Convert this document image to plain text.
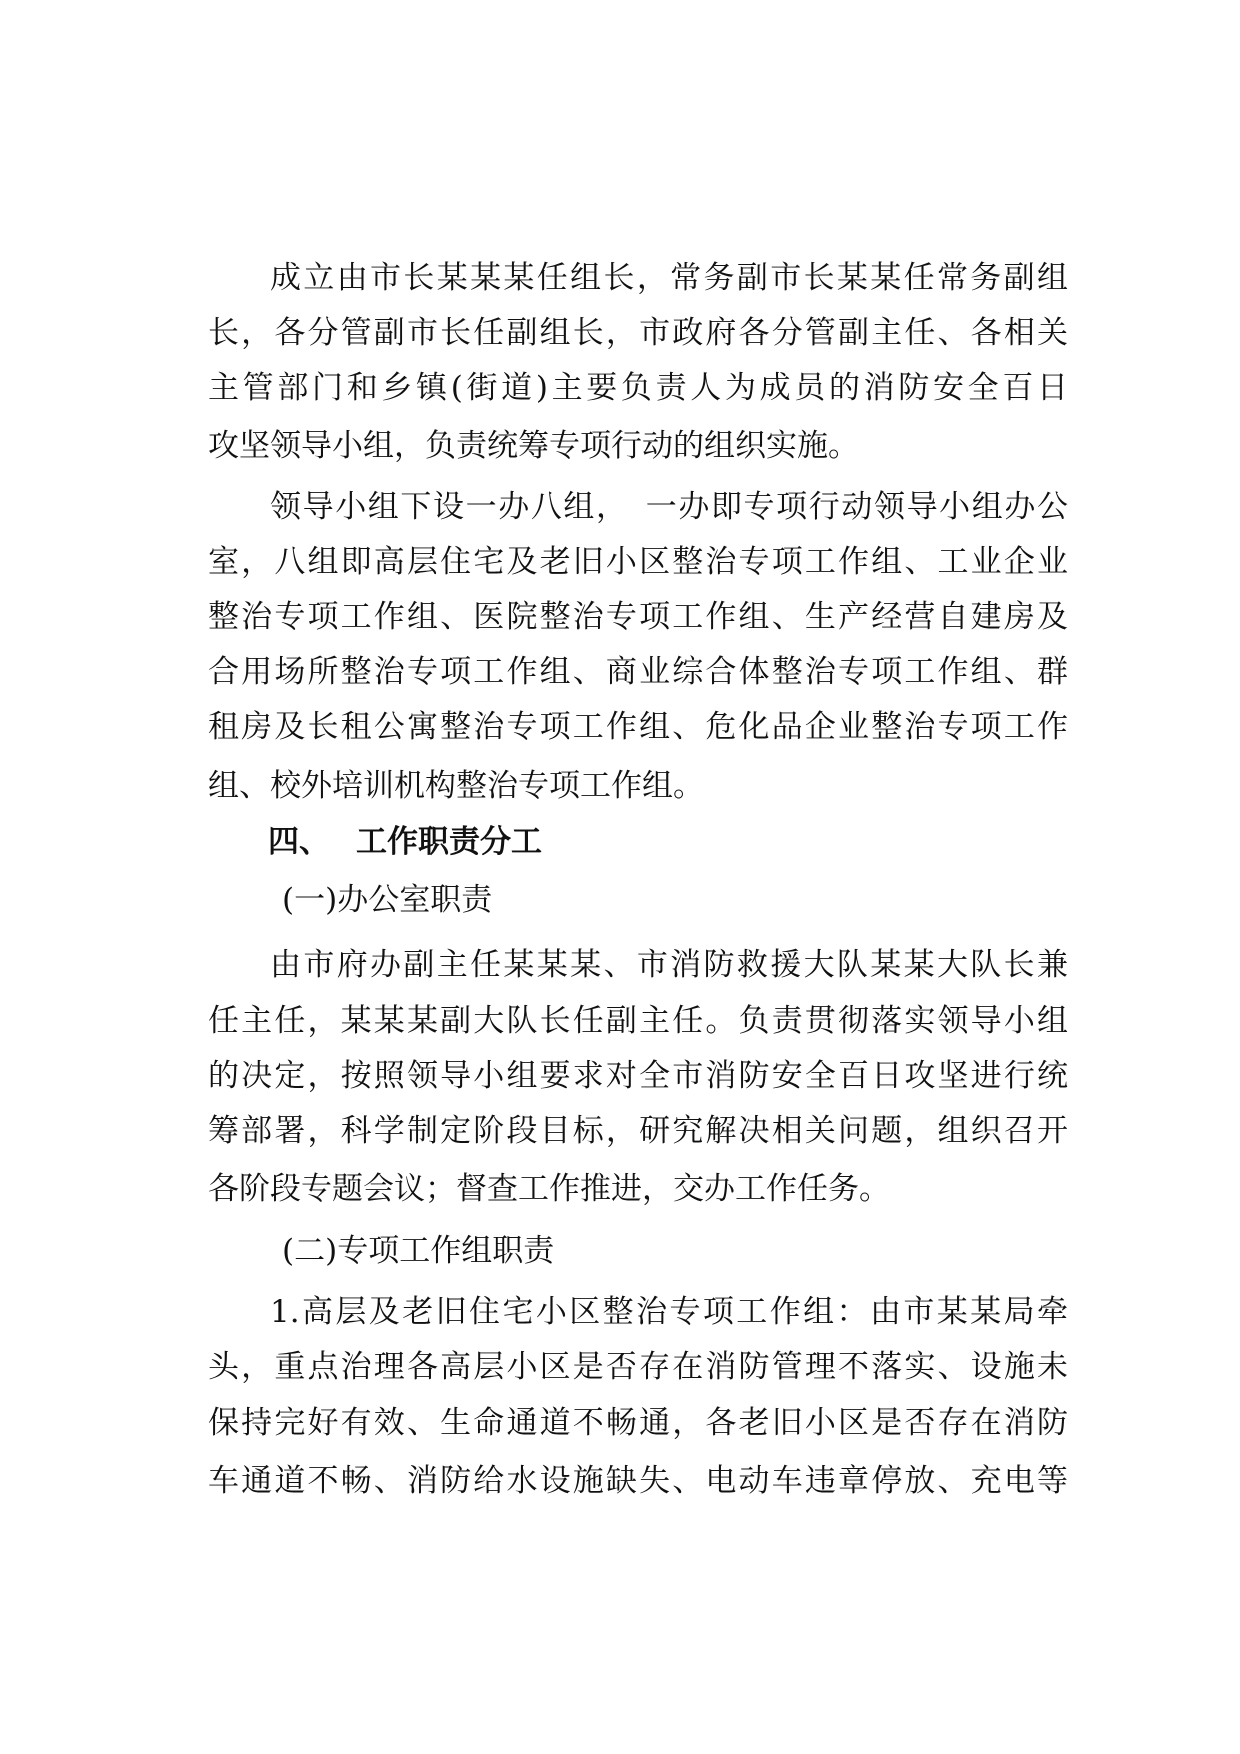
成立由市长某某某任组长，常务副市长某某任常务副组
长，各分管副市长任副组长，市政府各分管副主任、各相关
主管部门和乡镇(街道)主要负责人为成员的消防安全百日
攻坚领导小组，负责统筹专项行动的组织实施。
领导小组下设一办八组，　一办即专项行动领导小组办公
室，八组即高层住宅及老旧小区整治专项工作组、工业企业
整治专项工作组、医院整治专项工作组、生产经营自建房及
合用场所整治专项工作组、商业综合体整治专项工作组、群
租房及长租公寓整治专项工作组、危化品企业整治专项工作
组、校外培训机构整治专项工作组。
四、 工作职责分工
(一)办公室职责
由市府办副主任某某某、市消防救援大队某某大队长兼
任主任，某某某副大队长任副主任。负责贯彻落实领导小组
的决定，按照领导小组要求对全市消防安全百日攻坚进行统
筹部署，科学制定阶段目标，研究解决相关问题，组织召开
各阶段专题会议；督查工作推进，交办工作任务。
(二)专项工作组职责
1.高层及老旧住宅小区整治专项工作组：由市某某局牵
头，重点治理各高层小区是否存在消防管理不落实、设施未
保持完好有效、生命通道不畅通，各老旧小区是否存在消防
车通道不畅、消防给水设施缺失、电动车违章停放、充电等
